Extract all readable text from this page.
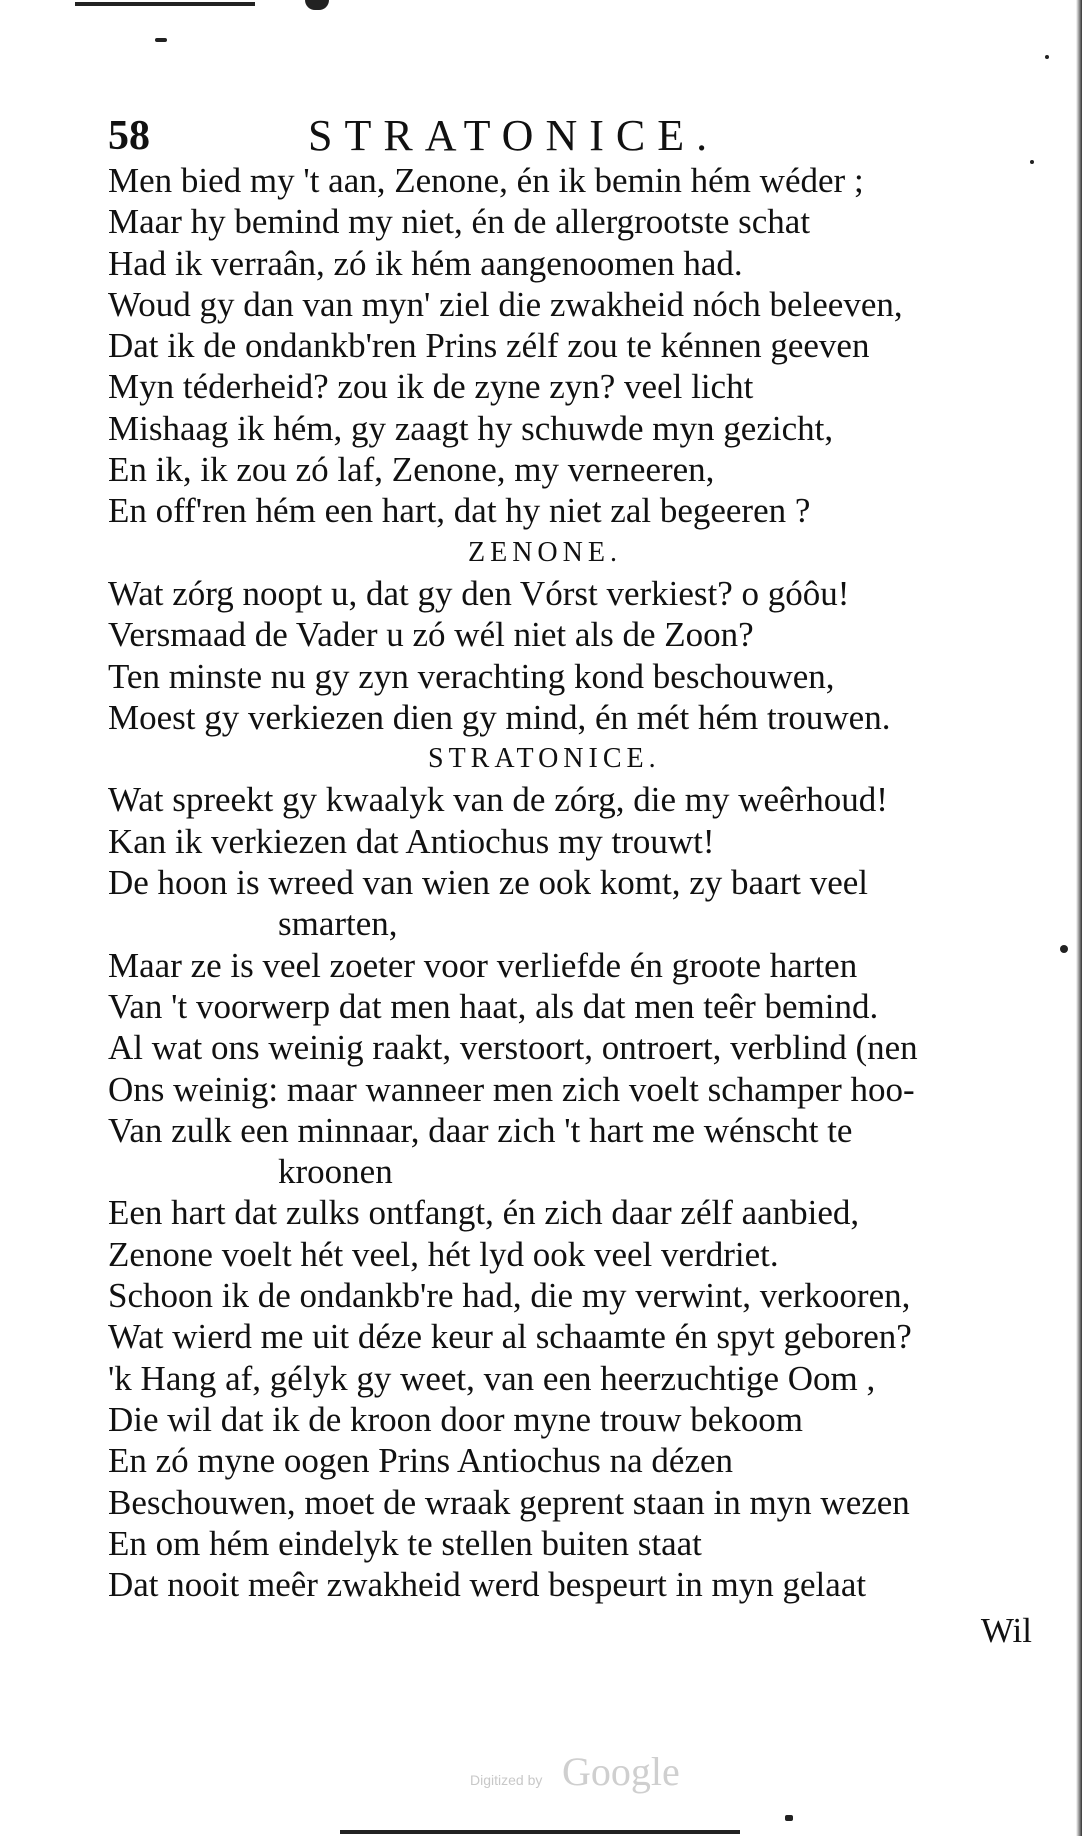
58	STRATONICE.
Men bied my 't aan, Zenone, én ik bemin hém wéder ;
Maar hy bemind my niet, én de allergrootste schat
Had ik verraân, zó ik hém aangenoomen had.
Woud gy dan van myn' ziel die zwakheid nóch beleeven,
Dat ik de ondankb'ren Prins zélf zou te kénnen geeven
Myn téderheid? zou ik de zyne zyn? veel licht
Mishaag ik hém, gy zaagt hy schuwde myn gezicht,
En ik, ik zou zó laf, Zenone, my verneeren,
En off'ren hém een hart, dat hy niet zal begeeren ?
ZENONE.
Wat zórg noopt u, dat gy den Vórst verkiest? o góôu!
Versmaad de Vader u zó wél niet als de Zoon?
Ten minste nu gy zyn verachting kond beschouwen,
Moest gy verkiezen dien gy mind, én mét hém trouwen.
STRATONICE.
Wat spreekt gy kwaalyk van de zórg, die my weêrhoud!
Kan ik verkiezen dat Antiochus my trouwt!
De hoon is wreed van wien ze ook komt, zy baart veel
smarten,
Maar ze is veel zoeter voor verliefde én groote harten
Van 't voorwerp dat men haat, als dat men teêr bemind.
Al wat ons weinig raakt, verstoort, ontroert, verblind (nen
Ons weinig: maar wanneer men zich voelt schamper hoo-
Van zulk een minnaar, daar zich 't hart me wénscht te
kroonen
Een hart dat zulks ontfangt, én zich daar zélf aanbied,
Zenone voelt hét veel, hét lyd ook veel verdriet.
Schoon ik de ondankb're had, die my verwint, verkooren,
Wat wierd me uit déze keur al schaamte én spyt geboren?
'k Hang af, gélyk gy weet, van een heerzuchtige Oom ,
Die wil dat ik de kroon door myne trouw bekoom
En zó myne oogen Prins Antiochus na dézen
Beschouwen, moet de wraak geprent staan in myn wezen
En om hém eindelyk te stellen buiten staat
Dat nooit meêr zwakheid werd bespeurt in myn gelaat
Wil
Digitized by Google
